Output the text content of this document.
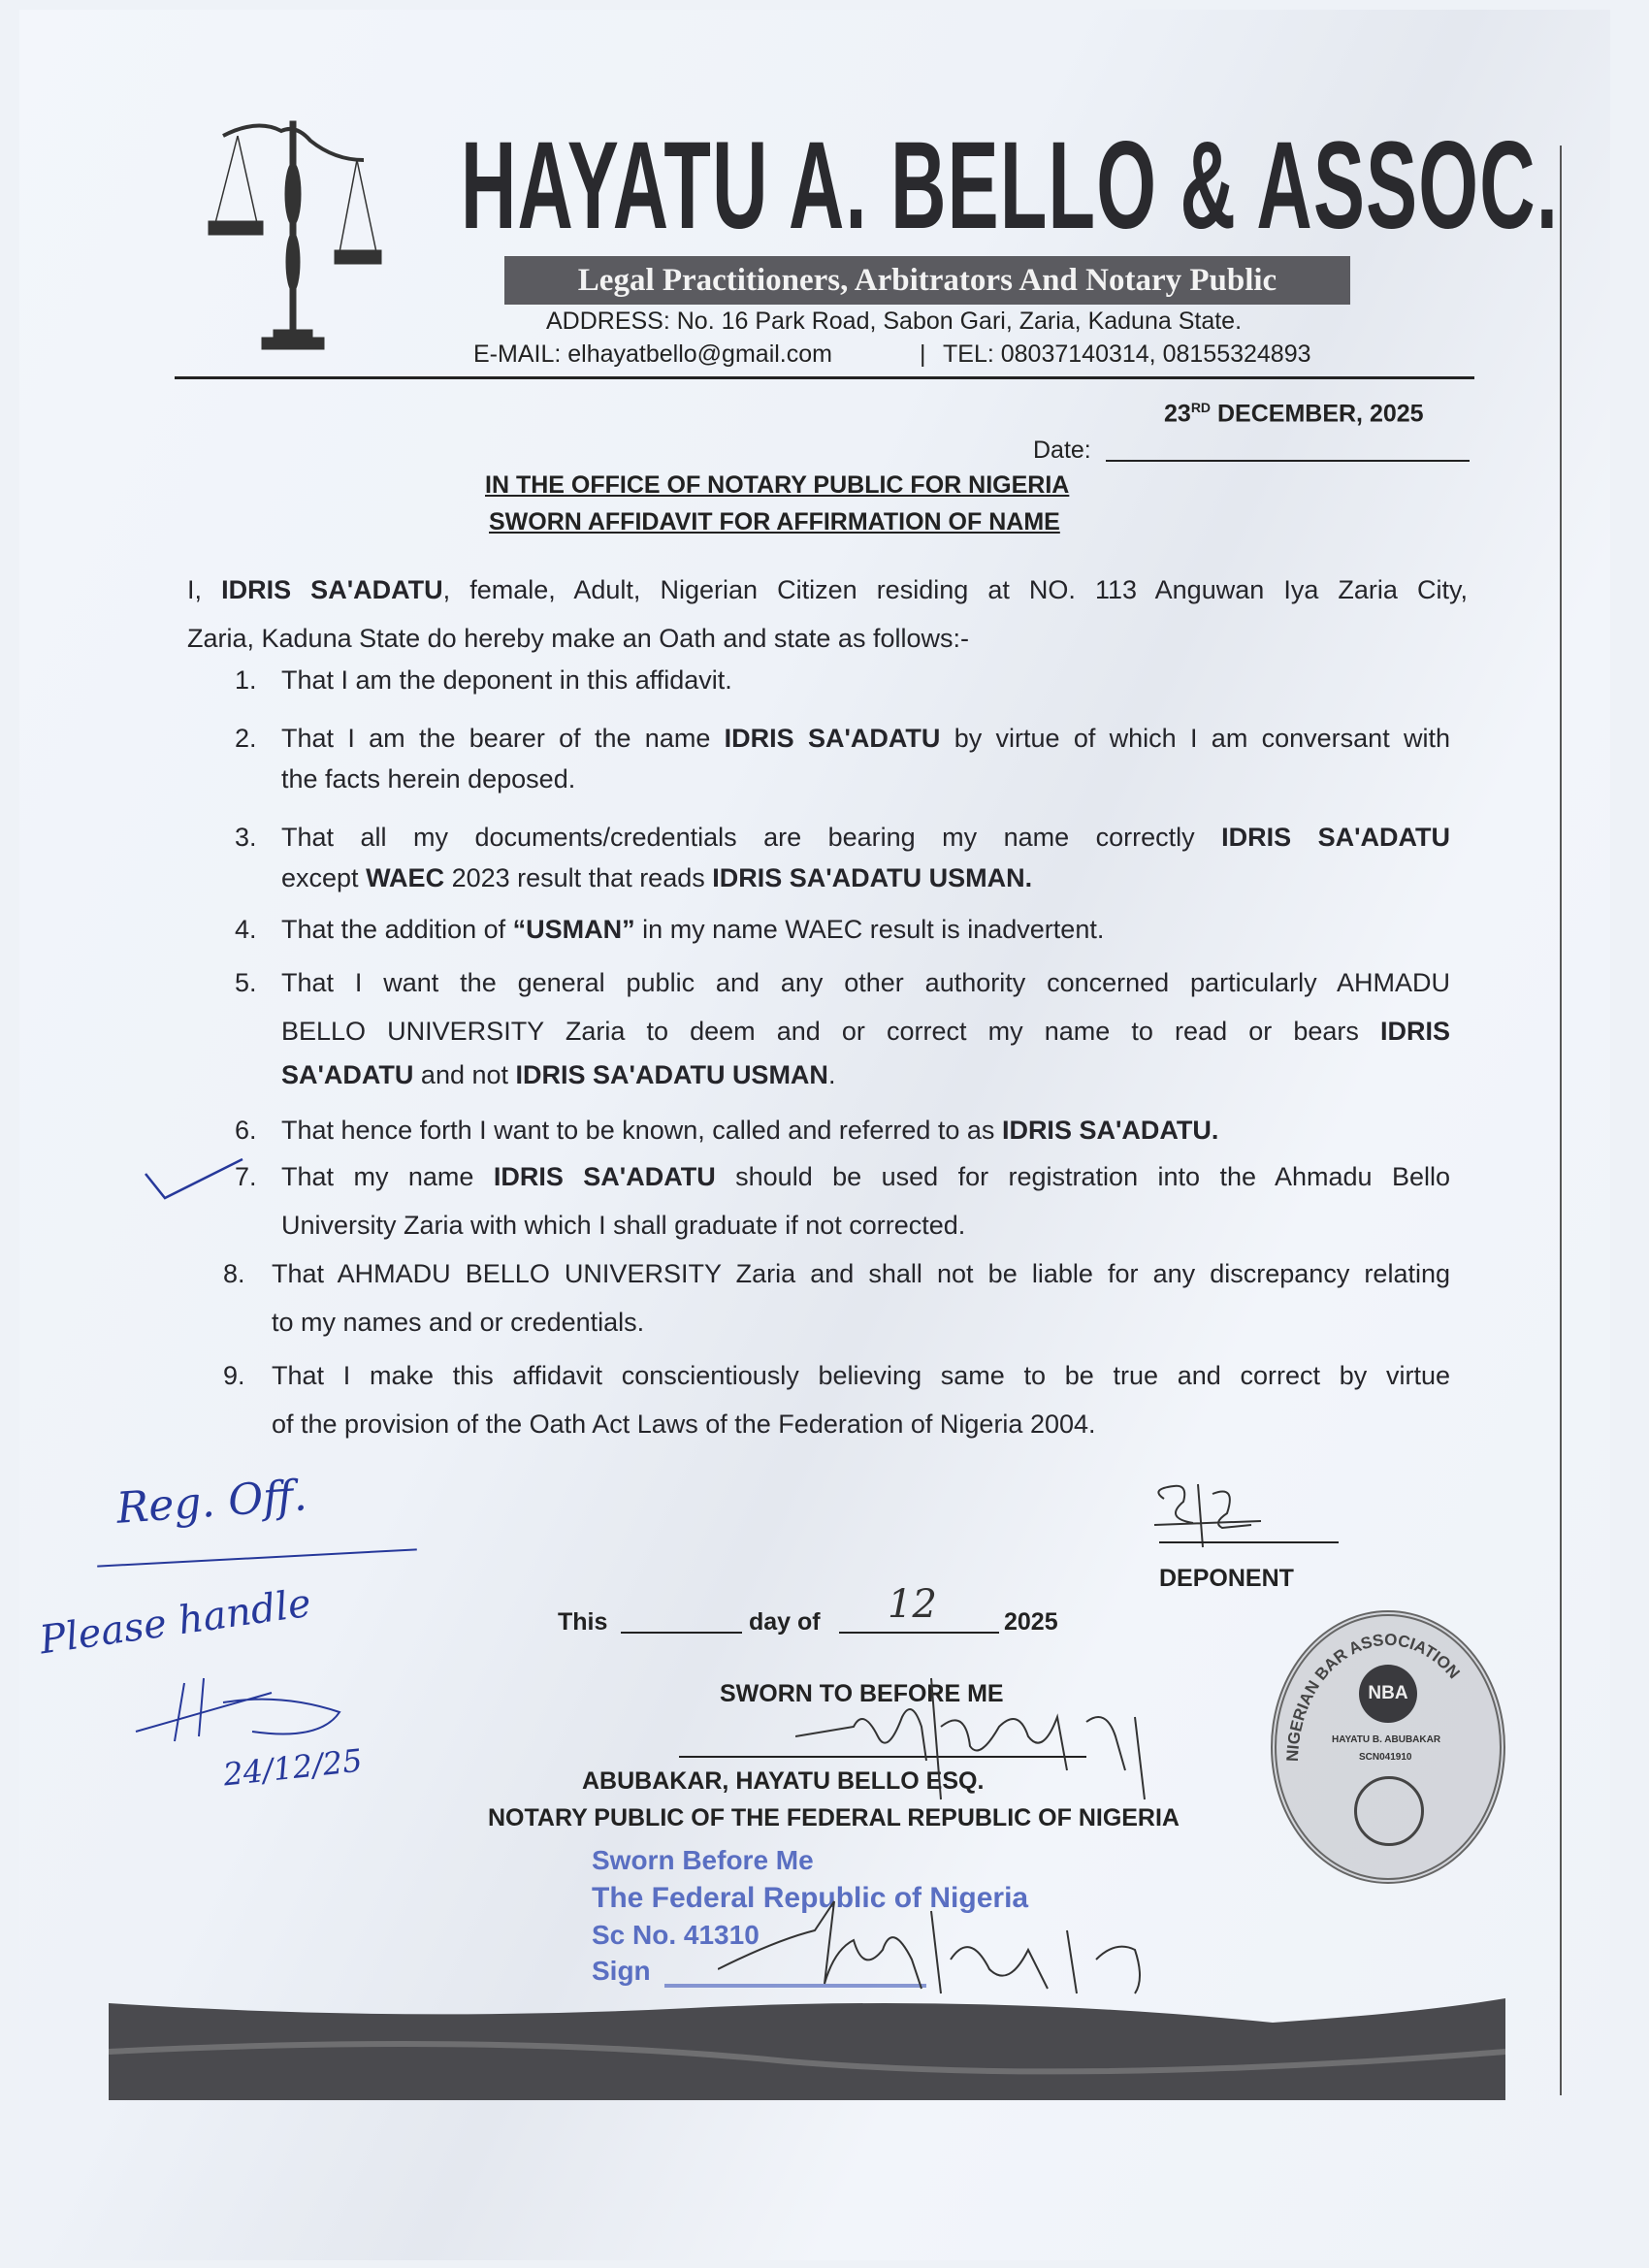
HAYATU A. BELLO & ASSOC.
Legal Practitioners, Arbitrators And Notary Public
ADDRESS: No. 16 Park Road, Sabon Gari, Zaria, Kaduna State.
E-MAIL: elhayatbello@gmail.com	| TEL: 08037140314, 08155324893
23RD DECEMBER, 2025
Date:
IN THE OFFICE OF NOTARY PUBLIC FOR NIGERIA
SWORN AFFIDAVIT FOR AFFIRMATION OF NAME
I, IDRIS SA'ADATU, female, Adult, Nigerian Citizen residing at NO. 113 Anguwan Iya Zaria City,
Zaria, Kaduna State do hereby make an Oath and state as follows:-
1. That I am the deponent in this affidavit.
2. That I am the bearer of the name IDRIS SA'ADATU by virtue of which I am conversant with
the facts herein deposed.
3. That all my documents/credentials are bearing my name correctly IDRIS SA'ADATU
except WAEC 2023 result that reads IDRIS SA'ADATU USMAN.
4. That the addition of “USMAN” in my name WAEC result is inadvertent.
5. That I want the general public and any other authority concerned particularly AHMADU
BELLO UNIVERSITY Zaria to deem and or correct my name to read or bears IDRIS
SA'ADATU and not IDRIS SA'ADATU USMAN.
6. That hence forth I want to be known, called and referred to as IDRIS SA'ADATU.
7. That my name IDRIS SA'ADATU should be used for registration into the Ahmadu Bello
University Zaria with which I shall graduate if not corrected.
8. That AHMADU BELLO UNIVERSITY Zaria and shall not be liable for any discrepancy relating
to my names and or credentials.
9. That I make this affidavit conscientiously believing same to be true and correct by virtue
of the provision of the Oath Act Laws of the Federation of Nigeria 2004.
DEPONENT
NIGERIAN BAR ASSOCIATION
NBA
HAYATU B. ABUBAKAR
SCN041910
This	day of 12	2025
SWORN TO BEFORE ME
ABUBAKAR, HAYATU BELLO ESQ.
NOTARY PUBLIC OF THE FEDERAL REPUBLIC OF NIGERIA
Sworn Before Me
The Federal Republic of Nigeria
Sc No. 41310
Sign
Reg. Off.
Please handle
24/12/25
